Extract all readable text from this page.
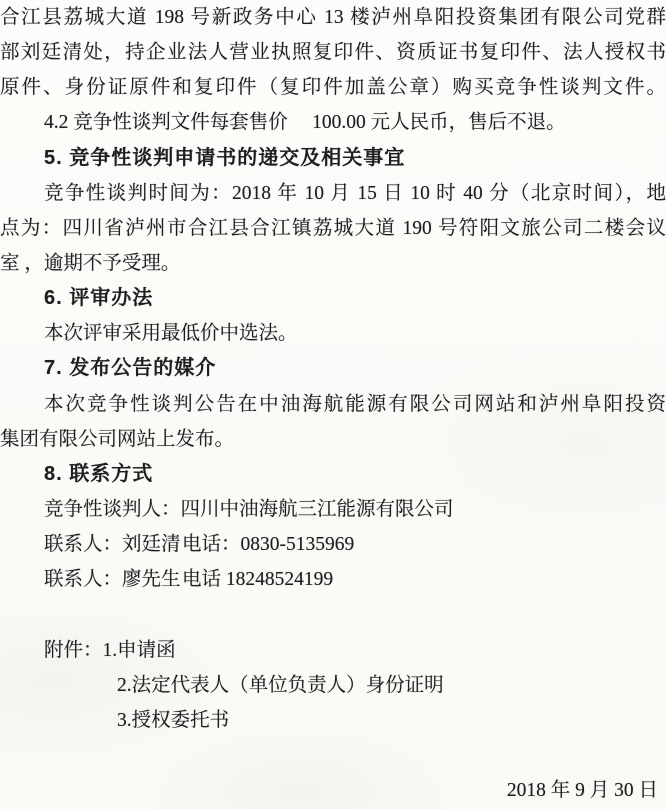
合江县荔城大道 198 号新政务中心 13 楼泸州阜阳投资集团有限公司党群
部刘廷清处，持企业法人营业执照复印件、资质证书复印件、法人授权书
原件、身份证原件和复印件（复印件加盖公章）购买竞争性谈判文件。
4.2 竞争性谈判文件每套售价　 100.00 元人民币，售后不退。
5. 竞争性谈判申请书的递交及相关事宜
竞争性谈判时间为：2018 年 10 月 15 日 10 时 40 分（北京时间），地
点为：四川省泸州市合江县合江镇荔城大道 190 号符阳文旅公司二楼会议
室 ，逾期不予受理。
6. 评审办法
本次评审采用最低价中选法。
7. 发布公告的媒介
本次竞争性谈判公告在中油海航能源有限公司网站和泸州阜阳投资
集团有限公司网站上发布。
8. 联系方式
竞争性谈判人：四川中油海航三江能源有限公司
联系人：刘廷清电话：0830-5135969
联系人：廖先生电话 18248524199
附件：1.申请函
2.法定代表人（单位负责人）身份证明
3.授权委托书
2018 年 9 月 30 日
